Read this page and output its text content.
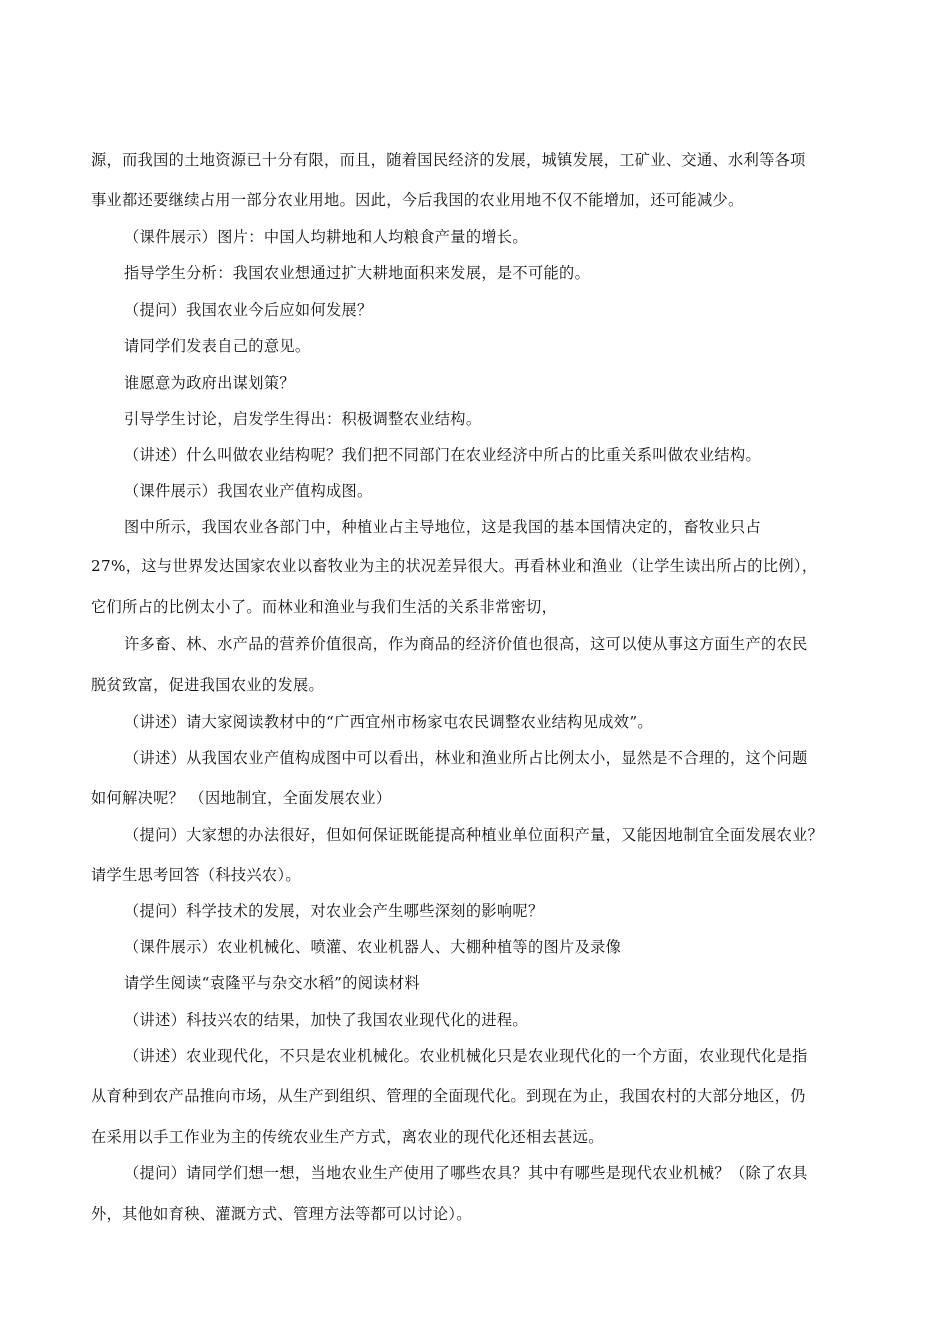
源，而我国的土地资源已十分有限，而且，随着国民经济的发展，城镇发展，工矿业、交通、水利等各项

事业都还要继续占用一部分农业用地。因此，今后我国的农业用地不仅不能增加，还可能减少。

（课件展示）图片：中国人均耕地和人均粮食产量的增长。

指导学生分析：我国农业想通过扩大耕地面积来发展，是不可能的。

（提问）我国农业今后应如何发展？

请同学们发表自己的意见。

谁愿意为政府出谋划策？

引导学生讨论，启发学生得出：积极调整农业结构。

（讲述）什么叫做农业结构呢？我们把不同部门在农业经济中所占的比重关系叫做农业结构。

（课件展示）我国农业产值构成图。

图中所示，我国农业各部门中，种植业占主导地位，这是我国的基本国情决定的，畜牧业只占

27%，这与世界发达国家农业以畜牧业为主的状况差异很大。再看林业和渔业（让学生读出所占的比例），

它们所占的比例太小了。而林业和渔业与我们生活的关系非常密切，

许多畜、林、水产品的营养价值很高，作为商品的经济价值也很高，这可以使从事这方面生产的农民

脱贫致富，促进我国农业的发展。

（讲述）请大家阅读教材中的“广西宜州市杨家屯农民调整农业结构见成效”。

（讲述）从我国农业产值构成图中可以看出，林业和渔业所占比例太小，显然是不合理的，这个问题

如何解决呢？ （因地制宜，全面发展农业）

（提问）大家想的办法很好，但如何保证既能提高种植业单位面积产量，又能因地制宜全面发展农业？

请学生思考回答（科技兴农）。

（提问）科学技术的发展，对农业会产生哪些深刻的影响呢？

（课件展示）农业机械化、喷灌、农业机器人、大棚种植等的图片及录像

请学生阅读“袁隆平与杂交水稻”的阅读材料

（讲述）科技兴农的结果，加快了我国农业现代化的进程。

（讲述）农业现代化，不只是农业机械化。农业机械化只是农业现代化的一个方面，农业现代化是指

从育种到农产品推向市场，从生产到组织、管理的全面现代化。到现在为止，我国农村的大部分地区，仍

在采用以手工作业为主的传统农业生产方式，离农业的现代化还相去甚远。

（提问）请同学们想一想，当地农业生产使用了哪些农具？其中有哪些是现代农业机械？（除了农具

外，其他如育秧、灌溉方式、管理方法等都可以讨论）。
